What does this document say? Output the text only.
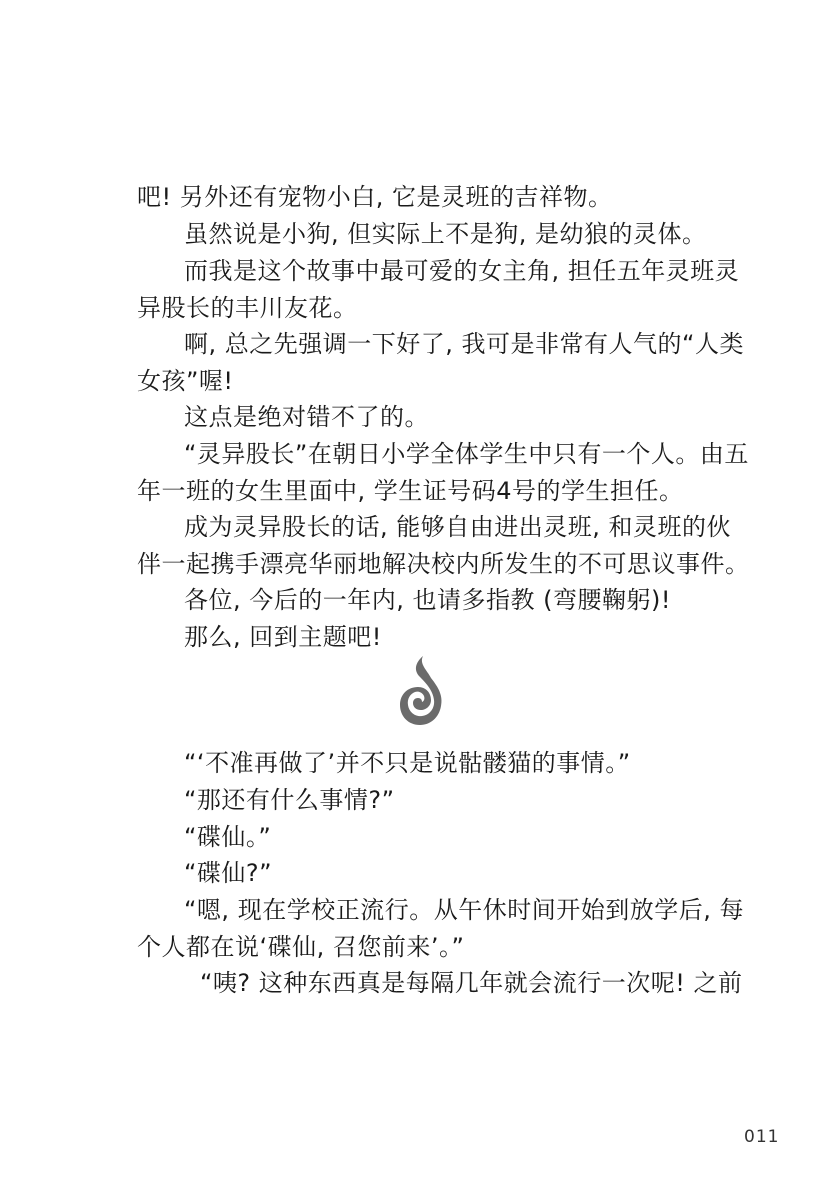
吧! 另外还有宠物小白, 它是灵班的吉祥物。
虽然说是小狗, 但实际上不是狗, 是幼狼的灵体。
而我是这个故事中最可爱的女主角, 担任五年灵班灵
异股长的丰川友花。
啊, 总之先强调一下好了, 我可是非常有人气的“人类
女孩”喔!
这点是绝对错不了的。
“灵异股长”在朝日小学全体学生中只有一个人。由五
年一班的女生里面中, 学生证号码4号的学生担任。
成为灵异股长的话, 能够自由进出灵班, 和灵班的伙
伴一起携手漂亮华丽地解决校内所发生的不可思议事件。
各位, 今后的一年内, 也请多指教 (弯腰鞠躬)!
那么, 回到主题吧!
“‘不准再做了’并不只是说骷髅猫的事情。”
“那还有什么事情?”
“碟仙。”
“碟仙?”
“嗯, 现在学校正流行。从午休时间开始到放学后, 每
个人都在说‘碟仙, 召您前来’。”
“咦? 这种东西真是每隔几年就会流行一次呢! 之前
011
